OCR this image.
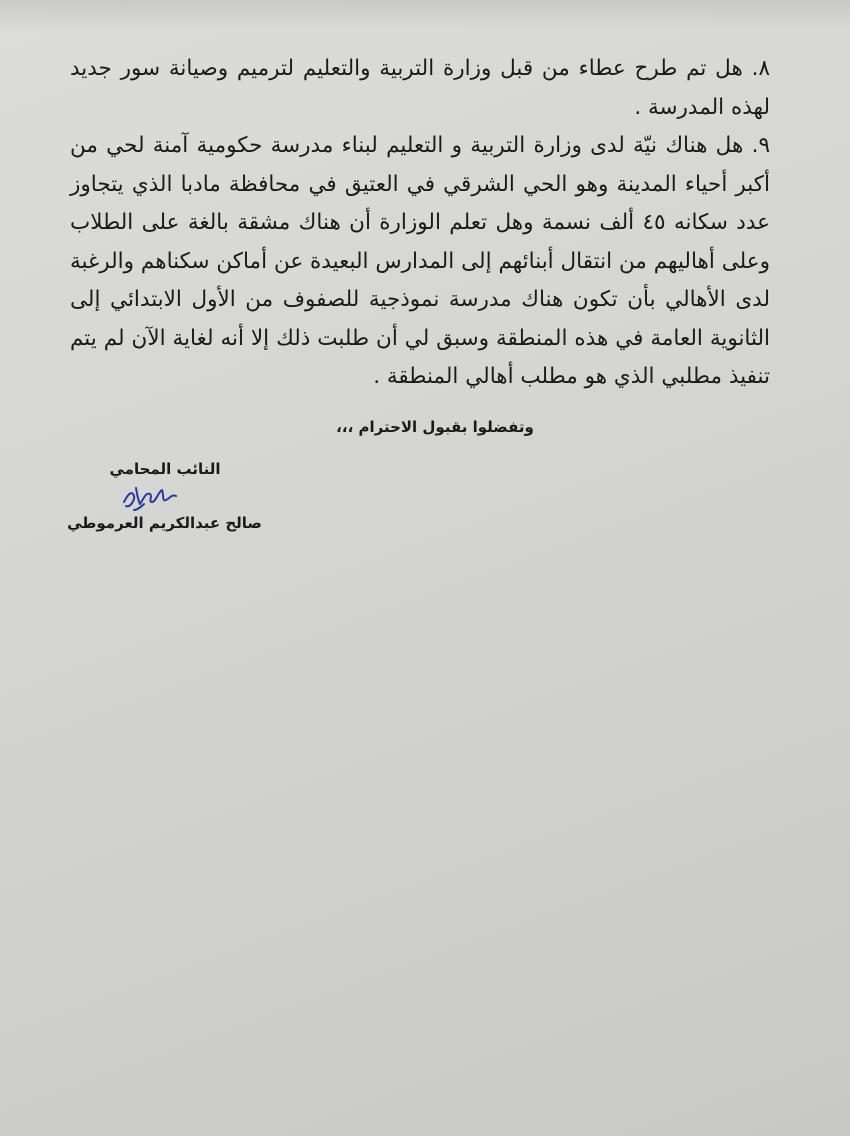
٨. هل تم طرح عطاء من قبل وزارة التربية والتعليم لترميم وصيانة سور جديد لهذه المدرسة .

٩. هل هناك نيّة لدى وزارة التربية و التعليم لبناء مدرسة حكومية آمنة لحي من أكبر أحياء المدينة وهو الحي الشرقي في العتيق في محافظة مادبا الذي يتجاوز عدد سكانه ٤٥ ألف نسمة وهل تعلم الوزارة أن هناك مشقة بالغة على الطلاب وعلى أهاليهم من انتقال أبنائهم إلى المدارس البعيدة عن أماكن سكناهم والرغبة لدى الأهالي بأن تكون هناك مدرسة نموذجية للصفوف من الأول الابتدائي إلى الثانوية العامة في هذه المنطقة وسبق لي أن طلبت ذلك إلا أنه لغاية الآن لم يتم تنفيذ مطلبي الذي هو مطلب أهالي المنطقة .

وتفضلوا بقبول الاحترام ،،،
النائب المحامي
صالح عبدالكريم العرموطي
